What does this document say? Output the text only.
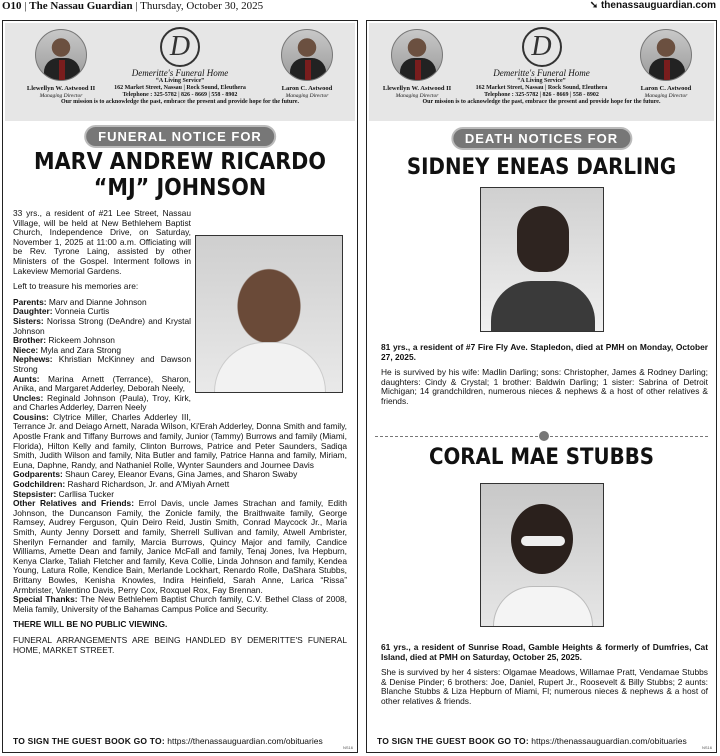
O10 | The Nassau Guardian | Thursday, October 30, 2025	➘ thenassauguardian.com
Llewellyn W. Astwood II
Managing Director
Laron C. Astwood
Managing Director
D
Demeritte's Funeral Home
“A Living Service”
162 Market Street, Nassau | Rock Sound, Eleuthera
Telephone : 325-5782 | 826 - 8669 | 558 - 8902
Our mission is to acknowledge the past, embrace the present and provide hope for the future.
FUNERAL NOTICE FOR
MARV ANDREW RICARDO
“MJ” JOHNSON

33 yrs., a resident of #21 Lee Street, Nassau Village, will be held at New Bethlehem Baptist Church, Independence Drive, on Saturday, November 1, 2025 at 11:00 a.m. Officiating will be Rev. Tyrone Laing, assisted by other Ministers of the Gospel. Interment follows in Lakeview Memorial Gardens.

Left to treasure his memories are:

Parents: Marv and Dianne Johnson
Daughter: Vonneia Curtis
Sisters: Norissa Strong (DeAndre) and Krystal Johnson
Brother: Rickeem Johnson
Niece: Myla and Zara Strong
Nephews: Khristian McKinney and Dawson Strong
Aunts: Marina Arnett (Terrance), Sharon, Anika, and Margaret Adderley, Deborah Neely,
Uncles: Reginald Johnson (Paula), Troy, Kirk, and Charles Adderley, Darren Neely
Cousins: Clytrice Miller, Charles Adderley III, Terrance Jr. and Deiago Arnett, Narada Wilson, Ki'Erah Adderley, Donna Smith and family, Apostle Frank and Tiffany Burrows and family, Junior (Tammy) Burrows and family (Miami, Florida), Hilton Kelly and family, Clinton Burrows, Patrice and Peter Saunders, Sadiqa Smith, Judith Wilson and family, Nita Butler and family, Patrice Hanna and family, Miriam, Euna, Daphne, Randy, and Nathaniel Rolle, Wynter Saunders and Journee Davis
Godparents: Shaun Carey, Eleanor Evans, Gina James, and Sharon Swaby
Godchildren: Rashard Richardson, Jr. and A'Miyah Arnett
Stepsister: Carllisa Tucker
Other Relatives and Friends: Errol Davis, uncle James Strachan and family, Edith Johnson, the Duncanson Family, the Zonicle family, the Braithwaite family, George Ramsey, Audrey Ferguson, Quin Deiro Reid, Justin Smith, Conrad Maycock Jr., Maria Smith, Aunty Jenny Dorsett and family, Sherrell Sullivan and family, Atwell Ambrister, Sherilyn Fernander and family, Marcia Burrows, Quincy Major and family, Candice Williams, Amette Dean and family, Janice McFall and family, Tenaj Jones, Iva Hepburn, Kenya Clarke, Taliah Fletcher and family, Keva Collie, Linda Johnson and family, Kendea Young, Latura Rolle, Kendice Bain, Merlande Lockhart, Renardo Rolle, DaShara Stubbs, Brittany Bowles, Kenisha Knowles, Indira Heinfield, Sarah Anne, Larica “Rissa” Armbrister, Valentino Davis, Perry Cox, Roxquel Rox, Fay Brennan.
Special Thanks: The New Bethlehem Baptist Church family, C.V. Bethel Class of 2008, Melia family, University of the Bahamas Campus Police and Security.

THERE WILL BE NO PUBLIC VIEWING.

FUNERAL ARRANGEMENTS ARE BEING HANDLED BY DEMERITTE'S FUNERAL HOME, MARKET STREET.

TO SIGN THE GUEST BOOK GO TO: https://thenassauguardian.com/obituaries
NS16
Llewellyn W. Astwood II
Managing Director
Laron C. Astwood
Managing Director
D
Demeritte's Funeral Home
“A Living Service”
162 Market Street, Nassau | Rock Sound, Eleuthera
Telephone : 325-5782 | 826 - 8669 | 558 - 8902
Our mission is to acknowledge the past, embrace the present and provide hope for the future.
DEATH NOTICES FOR
SIDNEY ENEAS DARLING

81 yrs., a resident of #7 Fire Fly Ave. Stapledon, died at PMH on Monday, October 27, 2025.

He is survived by his wife: Madlin Darling; sons: Christopher, James & Rodney Darling; daughters: Cindy & Crystal; 1 brother: Baldwin Darling; 1 sister: Sabrina of Detroit Michigan; 14 grandchildren, numerous nieces & nephews & a host of other relatives & friends.

CORAL MAE STUBBS

61 yrs., a resident of Sunrise Road, Gamble Heights & formerly of Dumfries, Cat Island, died at PMH on Saturday, October 25, 2025.

She is survived by her 4 sisters: Olgamae Meadows, Willamae Pratt, Vendamae Stubbs & Denise Pinder; 6 brothers: Joe, Daniel, Rupert Jr., Roosevelt & Billy Stubbs; 2 aunts: Blanche Stubbs & Liza Hepburn of Miami, Fl; numerous nieces & nephews & a host of other relatives & friends.

TO SIGN THE GUEST BOOK GO TO: https://thenassauguardian.com/obituaries
NS16
